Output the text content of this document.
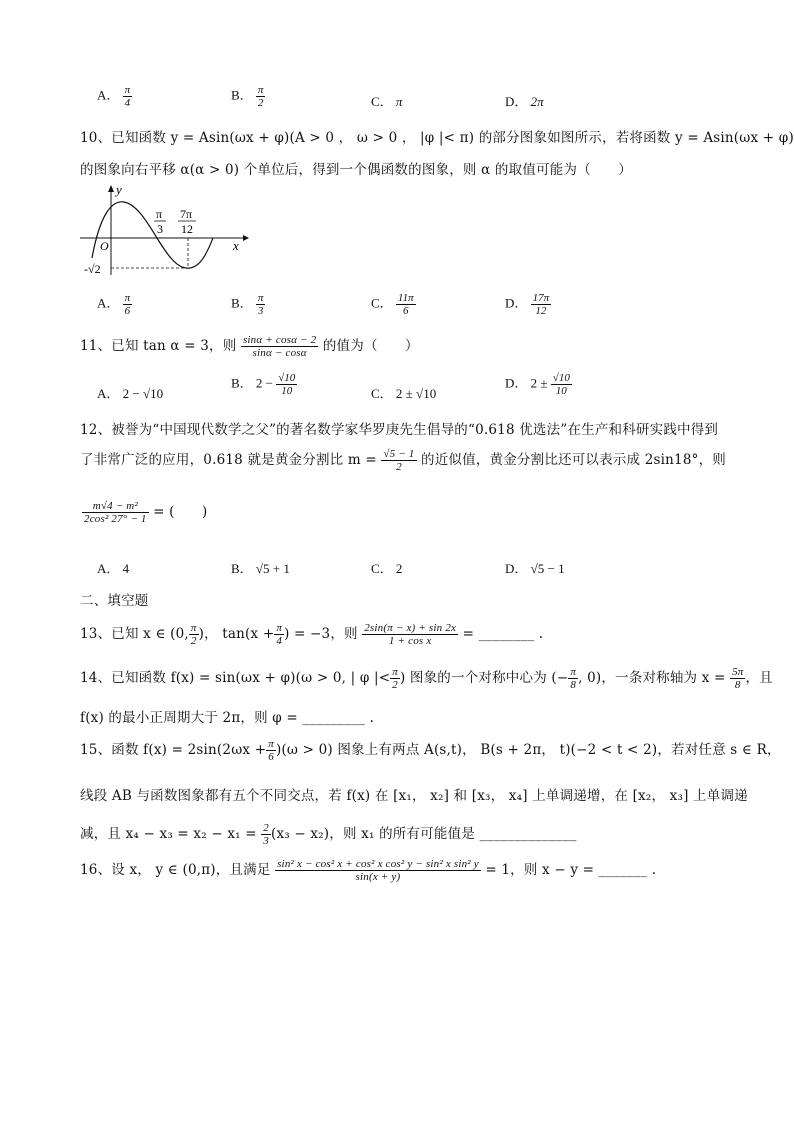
A． $\frac{\pi}{4}$	B． $\frac{\pi}{2}$	C． π	D． 2π
10、已知函数 y = Asin(ωx + φ)(A > 0 ， ω > 0 ， |φ |< π) 的部分图象如图所示，若将函数 y = Asin(ωx + φ)
的图象向右平移 α(α > 0) 个单位后，得到一个偶函数的图象，则 α 的取值可能为（　　）
y
x
O
π
3
7π
12
-√2
A． $\frac{\pi}{6}$	B． $\frac{\pi}{3}$	C． $\frac{11\pi}{6}$	D． $\frac{17\pi}{12}$
11、已知 tan α = 3，则 $\frac{\sin\alpha + \cos\alpha - 2}{\sin\alpha - \cos\alpha}$ 的值为（　　）
A． 2 − √10
B． $2 - \frac{√10}{10}$	C． 2 ± √10
D． $2 \pm \frac{√10}{10}$
12、被誉为“中国现代数学之父”的著名数学家华罗庚先生倡导的“0.618 优选法”在生产和科研实践中得到
了非常广泛的应用，0.618 就是黄金分割比 $m = \frac{√5 - 1}{2}$ 的近似值，黄金分割比还可以表示成 2sin18°，则
$\frac{\text{m√4 − m²}}{\text{2cos² 27° − 1}}$ = (　　)
A． 4	B． √5 + 1	C． 2	D． √5 − 1
二、填空题
13、已知 x ∈ (0, $\frac{\pi}{2}$ )， $\tan(x + \frac{\pi}{4}$ ) = −3，则 $\frac{2\sin(\pi - x) + \sin 2x}{\text{1 + cos x}}$ = ________ .
14、已知函数 f(x) = sin(ωx + φ)(ω > 0, | φ |< $\frac{\pi}{2}$ ) 图象的一个对称中心为 (− $\frac{\pi}{8}$ , 0)，一条对称轴为 $x = \frac{5\pi}{8}$ ，且
f(x) 的最小正周期大于 2π，则 φ = _________ .
15、函数 $f(x) = 2\sin(2\omega x + \frac{\pi}{6} )(\omega > 0)$ 图象上有两点 A(s,t)， B(s + 2π， t)(−2 < t < 2)，若对任意 s ∈ R，
线段 AB 与函数图象都有五个不同交点，若 f(x) 在 [x₁， x₂] 和 [x₃， x₄] 上单调递增，在 [x₂， x₃] 上单调递
减，且 $x_4 - x_3 = x_2 - x_1 = \frac{2}{3} (x_3 - x_2)$，则 x₁ 的所有可能值是 ______________
16、设 x， y ∈ (0,π)，且满足 $\frac{\text{sin² x − cos² x + cos² x cos² y − sin² x sin² y}}{\sin(x + y)} = 1$，则 x − y = _______ .
